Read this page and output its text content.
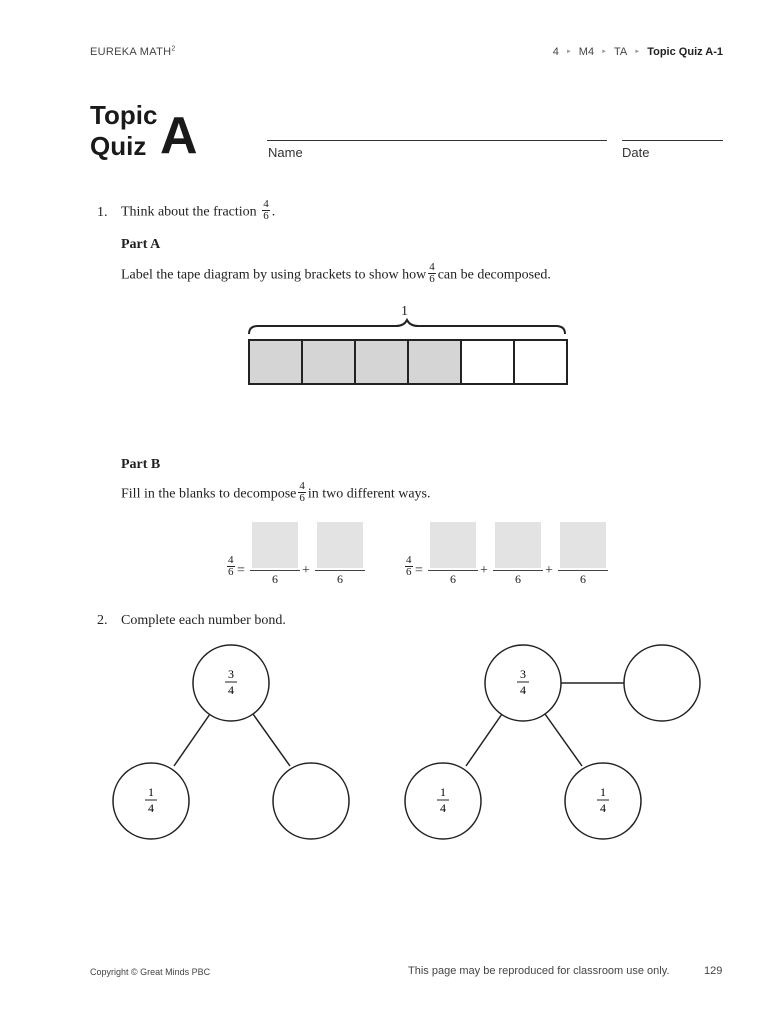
EUREKA MATH$^2$	4 ► M4 ► TA ► Topic Quiz A-1
Topic
Quiz A	Name	Date
1. Think about the fraction $\frac{4}{6}$ .
Part A
Label the tape diagram by using brackets to show how $\frac{4}{6}$ can be decomposed.
1
Part B
Fill in the blanks to decompose $\frac{4}{6}$ in two different ways.
$\frac{4}{6}$ =
6
+
6
$\frac{4}{6}$ =
6
+
6
+
6
2. Complete each number bond.
3
4
1
4
3
4
1
4
1
4
Copyright © Great Minds PBC	This page may be reproduced for classroom use only.	129
